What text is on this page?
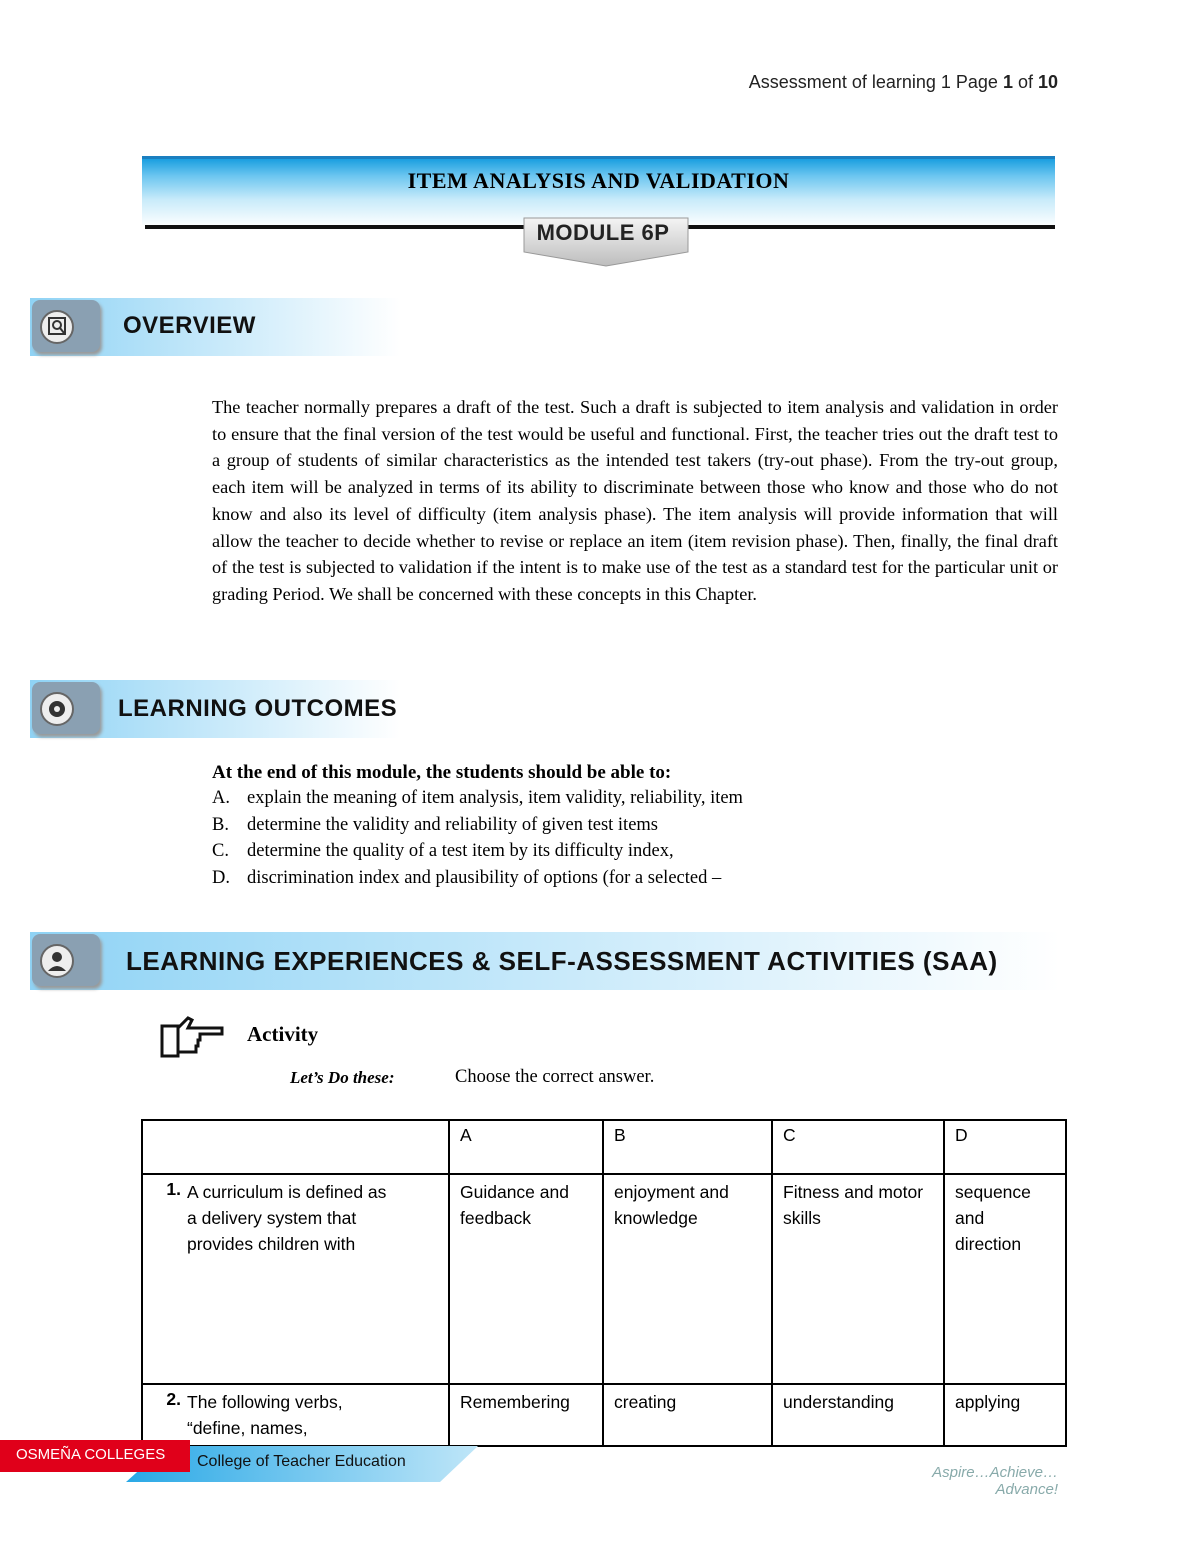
Assessment of learning 1 Page 1 of 10
ITEM ANALYSIS AND VALIDATION
MODULE 6P
OVERVIEW
The teacher normally prepares a draft of the test. Such a draft is subjected to item analysis and validation in order to ensure that the final version of the test would be useful and functional. First, the teacher tries out the draft test to a group of students of similar characteristics as the intended test takers (try-out phase). From the try-out group, each item will be analyzed in terms of its ability to discriminate between those who know and those who do not know and also its level of difficulty (item analysis phase). The item analysis will provide information that will allow the teacher to decide whether to revise or replace an item (item revision phase). Then, finally, the final draft of the test is subjected to validation if the intent is to make use of the test as a standard test for the particular unit or grading Period. We shall be concerned with these concepts in this Chapter.
LEARNING OUTCOMES
At the end of this module, the students should be able to:
A. explain the meaning of item analysis, item validity, reliability, item
B. determine the validity and reliability of given test items
C. determine the quality of a test item by its difficulty index,
D. discrimination index and plausibility of options (for a selected –
LEARNING EXPERIENCES & SELF-ASSESSMENT ACTIVITIES (SAA)
Activity
Let’s Do these:	Choose the correct answer.
	A	B	C	D
1. A curriculum is defined as a delivery system that provides children with	Guidance and feedback	enjoyment and knowledge	Fitness and motor skills	sequence and direction
2. The following verbs, “define, names,	Remembering	creating	understanding	applying
OSMEÑA COLLEGES College of Teacher Education
Aspire…Achieve…Advance!
